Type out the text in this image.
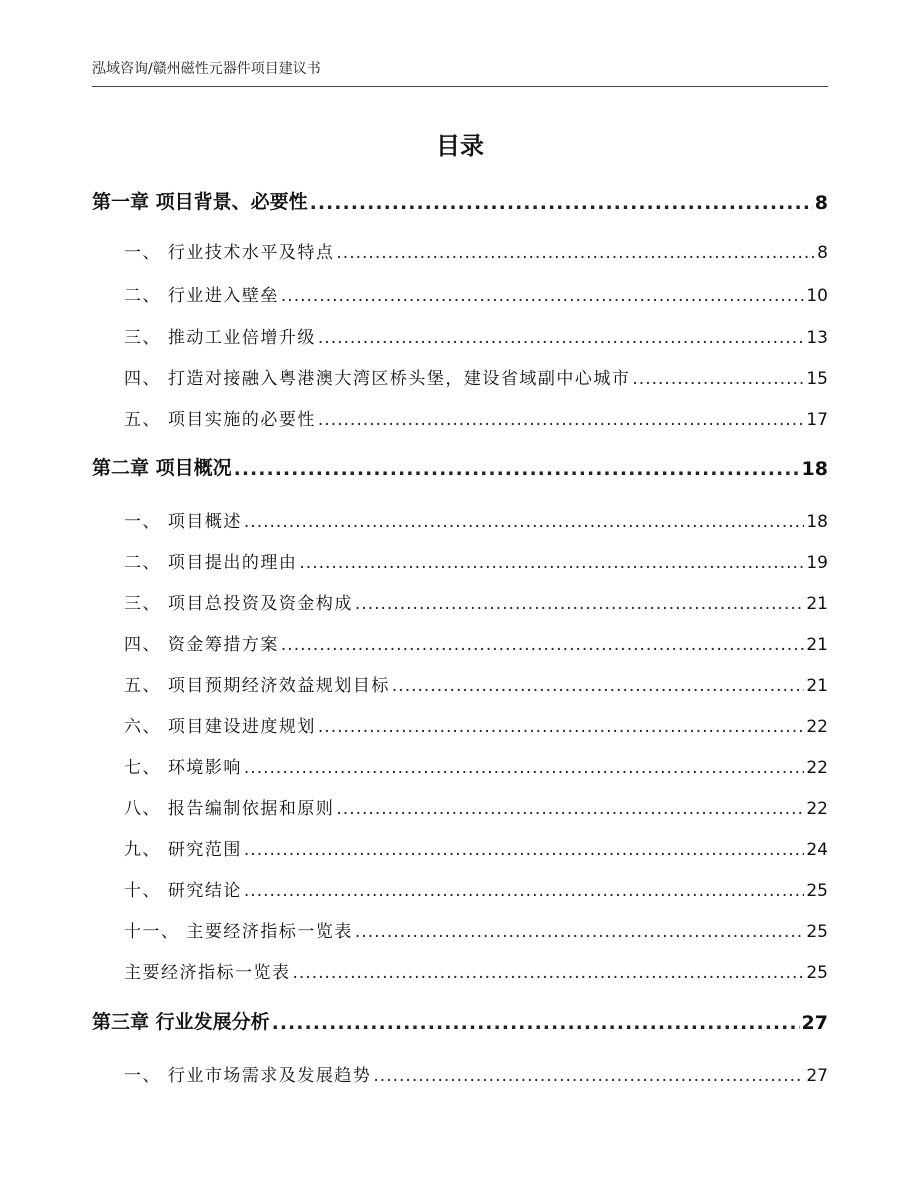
泓域咨询/赣州磁性元器件项目建议书
目录
第一章 项目背景、必要性 .....	8
一、 行业技术水平及特点 .....	8
二、 行业进入壁垒 .....	10
三、 推动工业倍增升级 .....	13
四、 打造对接融入粤港澳大湾区桥头堡，建设省域副中心城市 .....	15
五、 项目实施的必要性 .....	17
第二章 项目概况 .....	18
一、 项目概述 .....	18
二、 项目提出的理由 .....	19
三、 项目总投资及资金构成 .....	21
四、 资金筹措方案 .....	21
五、 项目预期经济效益规划目标 .....	21
六、 项目建设进度规划 .....	22
七、 环境影响 .....	22
八、 报告编制依据和原则 .....	22
九、 研究范围 .....	24
十、 研究结论 .....	25
十一、 主要经济指标一览表 .....	25
主要经济指标一览表 .....	25
第三章 行业发展分析 .....	27
一、 行业市场需求及发展趋势 .....	27
